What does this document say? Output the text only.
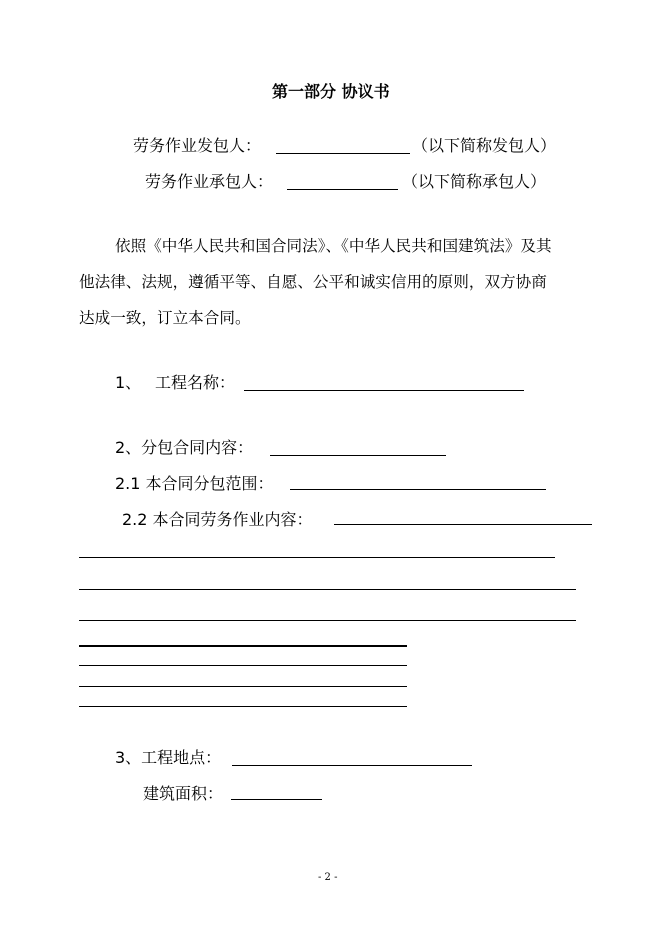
第一部分 协议书
劳务作业发包人：	（以下简称发包人）
劳务作业承包人：	（以下简称承包人）
依照《中华人民共和国合同法》、《中华人民共和国建筑法》及其
他法律、法规，遵循平等、自愿、公平和诚实信用的原则，双方协商
达成一致，订立本合同。
1、 工程名称：
2、分包合同内容：
2.1 本合同分包范围：
2.2 本合同劳务作业内容：
3、工程地点：
建筑面积：
- 2 -
